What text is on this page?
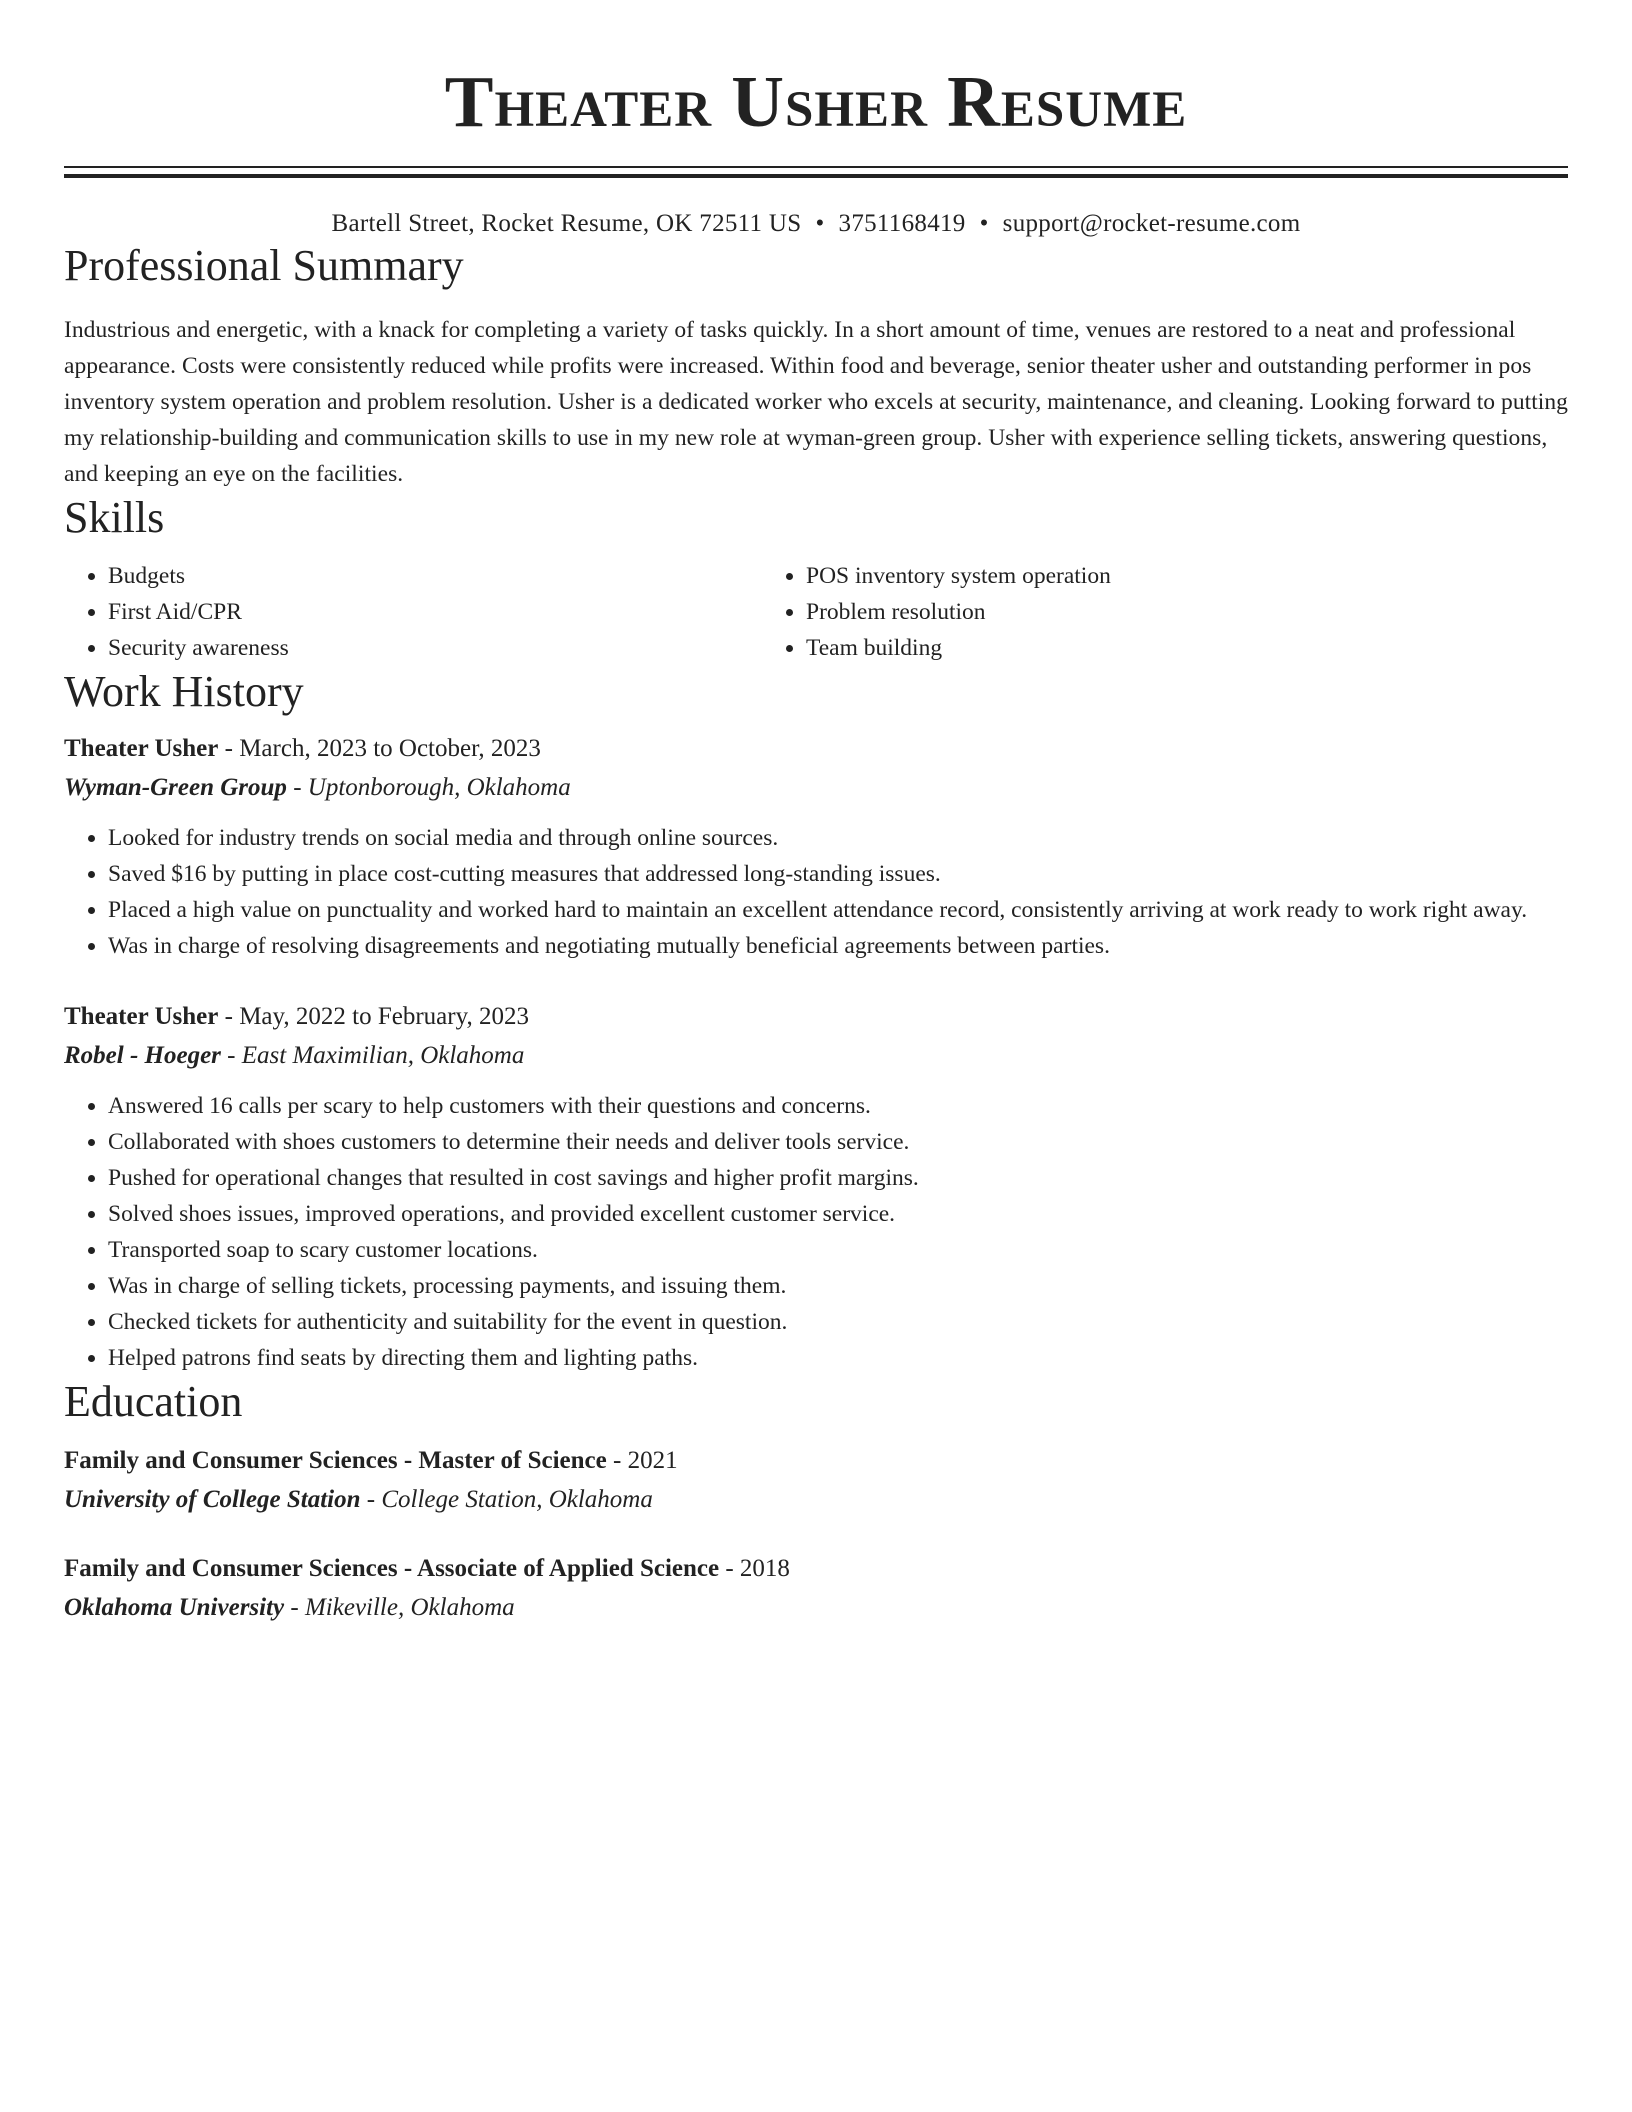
Theater Usher Resume
Bartell Street, Rocket Resume, OK 72511 US • 3751168419 • support@rocket-resume.com
Professional Summary

Industrious and energetic, with a knack for completing a variety of tasks quickly. In a short amount of time, venues are restored to a neat and professional appearance. Costs were consistently reduced while profits were increased. Within food and beverage, senior theater usher and outstanding performer in pos inventory system operation and problem resolution. Usher is a dedicated worker who excels at security, maintenance, and cleaning. Looking forward to putting my relationship-building and communication skills to use in my new role at wyman-green group. Usher with experience selling tickets, answering questions, and keeping an eye on the facilities.

Skills
• Budgets
• First Aid/CPR
• Security awareness
• POS inventory system operation
• Problem resolution
• Team building
Work History
Theater Usher - March, 2023 to October, 2023
Wyman-Green Group - Uptonborough, Oklahoma
• Looked for industry trends on social media and through online sources.
• Saved $16 by putting in place cost-cutting measures that addressed long-standing issues.
• Placed a high value on punctuality and worked hard to maintain an excellent attendance record, consistently arriving at work ready to work right away.
• Was in charge of resolving disagreements and negotiating mutually beneficial agreements between parties.
Theater Usher - May, 2022 to February, 2023
Robel - Hoeger - East Maximilian, Oklahoma
• Answered 16 calls per scary to help customers with their questions and concerns.
• Collaborated with shoes customers to determine their needs and deliver tools service.
• Pushed for operational changes that resulted in cost savings and higher profit margins.
• Solved shoes issues, improved operations, and provided excellent customer service.
• Transported soap to scary customer locations.
• Was in charge of selling tickets, processing payments, and issuing them.
• Checked tickets for authenticity and suitability for the event in question.
• Helped patrons find seats by directing them and lighting paths.
Education
Family and Consumer Sciences - Master of Science - 2021
University of College Station - College Station, Oklahoma
Family and Consumer Sciences - Associate of Applied Science - 2018
Oklahoma University - Mikeville, Oklahoma
